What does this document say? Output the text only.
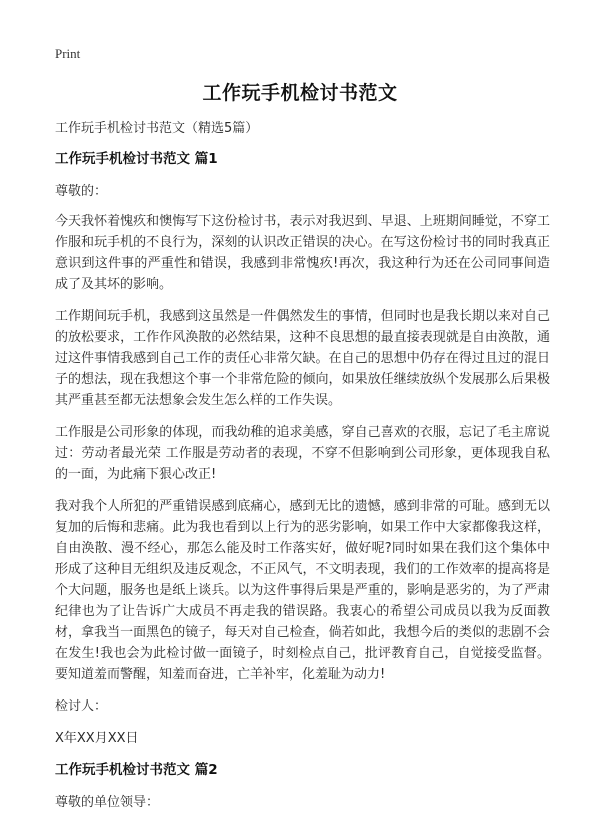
Print
工作玩手机检讨书范文

工作玩手机检讨书范文（精选5篇）

工作玩手机检讨书范文 篇1

尊敬的：

今天我怀着愧疚和懊悔写下这份检讨书，表示对我迟到、早退、上班期间睡觉，不穿工作服和玩手机的不良行为，深刻的认识改正错误的决心。在写这份检讨书的同时我真正意识到这件事的严重性和错误，我感到非常愧疚!再次，我这种行为还在公司同事间造成了及其坏的影响。

工作期间玩手机，我感到这虽然是一件偶然发生的事情，但同时也是我长期以来对自己的放松要求，工作作风涣散的必然结果，这种不良思想的最直接表现就是自由涣散，通过这件事情我感到自己工作的责任心非常欠缺。在自己的思想中仍存在得过且过的混日子的想法，现在我想这个事一个非常危险的倾向，如果放任继续放纵个发展那么后果极其严重甚至都无法想象会发生怎么样的工作失误。

工作服是公司形象的体现，而我幼稚的追求美感，穿自己喜欢的衣服，忘记了毛主席说过：劳动者最光荣 工作服是劳动者的表现，不穿不但影响到公司形象，更体现我自私的一面，为此痛下狠心改正!

我对我个人所犯的严重错误感到底痛心，感到无比的遗憾，感到非常的可耻。感到无以复加的后悔和悲痛。此为我也看到以上行为的恶劣影响，如果工作中大家都像我这样，自由涣散、漫不经心，那怎么能及时工作落实好，做好呢?同时如果在我们这个集体中形成了这种目无组织及违反观念，不正风气，不文明表现，我们的工作效率的提高将是个大问题，服务也是纸上谈兵。以为这件事得后果是严重的，影响是恶劣的，为了严肃纪律也为了让告诉广大成员不再走我的错误路。我衷心的希望公司成员以我为反面教材，拿我当一面黑色的镜子，每天对自己检查，倘若如此，我想今后的类似的悲剧不会在发生!我也会为此检讨做一面镜子，时刻检点自己，批评教育自己，自觉接受监督。要知道羞而警醒，知羞而奋进，亡羊补牢，化羞耻为动力!

检讨人：

X年XX月XX日

工作玩手机检讨书范文 篇2

尊敬的单位领导：
